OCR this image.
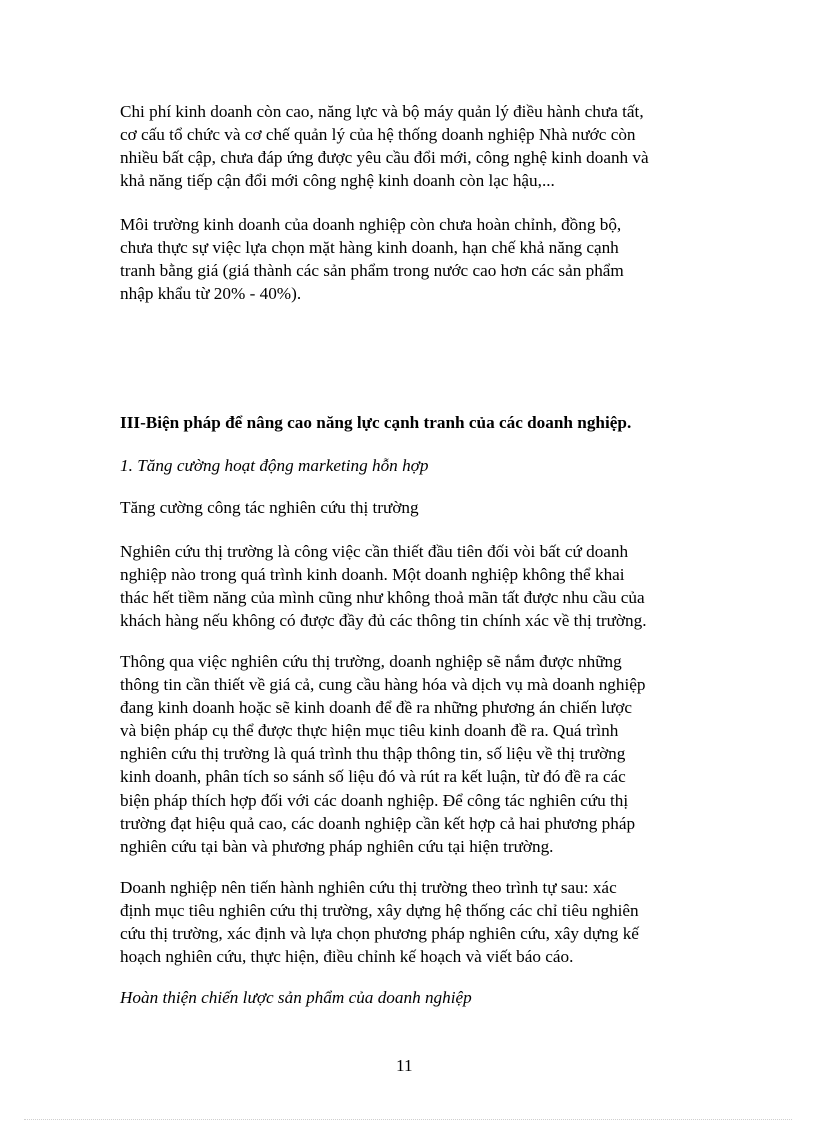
Chi phí kinh doanh còn cao, năng lực và bộ máy quản lý điều hành chưa tất,
cơ cấu tổ chức và cơ chế quản lý của hệ thống doanh nghiệp Nhà nước còn
nhiều bất cập, chưa đáp ứng được yêu cầu đổi mới, công nghệ kinh doanh và
khả năng tiếp cận đổi mới công nghệ kinh doanh còn lạc hậu,...

Môi trường kinh doanh của doanh nghiệp còn chưa hoàn chỉnh, đồng bộ,
chưa thực sự việc lựa chọn mặt hàng kinh doanh, hạn chế khả năng cạnh
tranh bằng giá (giá thành các sản phẩm trong nước cao hơn các sản phẩm
nhập khẩu từ 20% - 40%).

III-Biện pháp để nâng cao năng lực cạnh tranh của các doanh nghiệp.

1. Tăng cường hoạt động marketing hỗn hợp

Tăng cường công tác nghiên cứu thị trường

Nghiên cứu thị trường là công việc cần thiết đầu tiên đối vòi bất cứ doanh
nghiệp nào trong quá trình kinh doanh. Một doanh nghiệp không thể khai
thác hết tiềm năng của mình cũng như không thoả mãn tất được nhu cầu của
khách hàng nếu không có được đầy đủ các thông tin chính xác về thị trường.

Thông qua việc nghiên cứu thị trường, doanh nghiệp sẽ nắm được những
thông tin cần thiết về giá cả, cung cầu hàng hóa và dịch vụ mà doanh nghiệp
đang kinh doanh hoặc sẽ kinh doanh để đề ra những phương án chiến lược
và biện pháp cụ thể được thực hiện mục tiêu kinh doanh đề ra. Quá trình
nghiên cứu thị trường là quá trình thu thập thông tin, số liệu về thị trường
kinh doanh, phân tích so sánh số liệu đó và rút ra kết luận, từ đó đề ra các
biện pháp thích hợp đối với các doanh nghiệp. Để công tác nghiên cứu thị
trường đạt hiệu quả cao, các doanh nghiệp cần kết hợp cả hai phương pháp
nghiên cứu tại bàn và phương pháp nghiên cứu tại hiện trường.

Doanh nghiệp nên tiến hành nghiên cứu thị trường theo trình tự sau: xác
định mục tiêu nghiên cứu thị trường, xây dựng hệ thống các chỉ tiêu nghiên
cứu thị trường, xác định và lựa chọn phương pháp nghiên cứu, xây dựng kế
hoạch nghiên cứu, thực hiện, điều chỉnh kế hoạch và viết báo cáo.

Hoàn thiện chiến lược sản phẩm của doanh nghiệp

11
